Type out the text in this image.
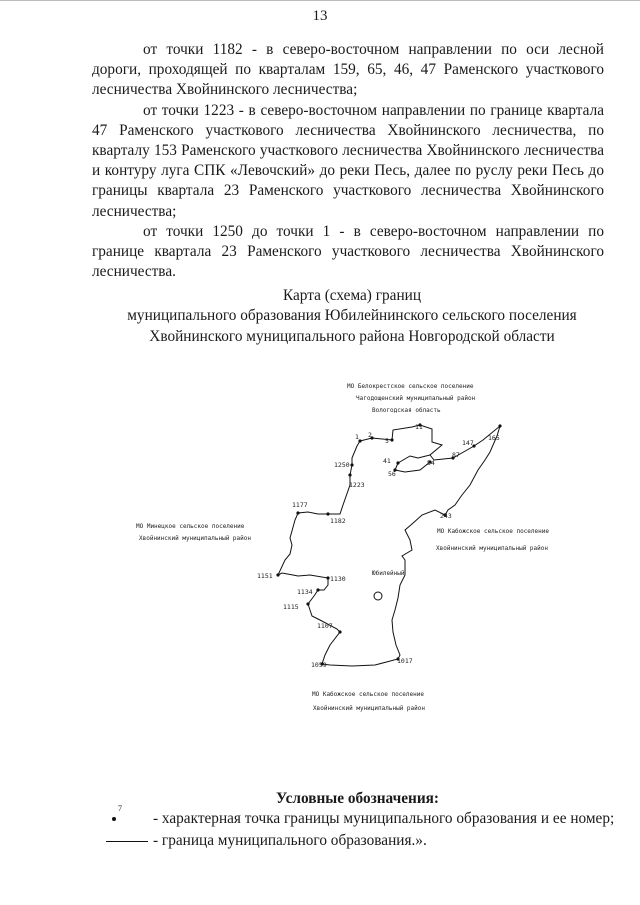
13

от точки 1182 - в северо-восточном направлении по оси лесной дороги, проходящей по кварталам 159, 65, 46, 47 Раменского участкового лесничества Хвойнинского лесничества;

от точки 1223 - в северо-восточном направлении по границе квартала 47 Раменского участкового лесничества Хвойнинского лесничества, по кварталу 153 Раменского участкового лесничества Хвойнинского лесничества и контуру луга СПК «Левочский» до реки Песь, далее по руслу реки Песь до границы квартала 23 Раменского участкового лесничества Хвойнинского лесничества;

от точки 1250 до точки 1 - в северо-восточном направлении по границе квартала 23 Раменского участкового лесничества Хвойнинского лесничества.

Карта (схема) границ
муниципального образования Юбилейнинского сельского поселения
Хвойнинского муниципального района Новгородской области
1 2
5
11
41	54
56
87
147
165
243
1250
1223
1177
1182
1151	1130
1134
1115
1107
1059	1017
МО Белокрестское сельское поселение
Чагодощенский муниципальный район
Вологодская область
МО Минецкое сельское поселение
Хвойнинский муниципальный район
МО Кабожское сельское поселение
Хвойнинский муниципальный район
МО Кабожское сельское поселение
Хвойнинский муниципальный район
Юбилейный
Условные обозначения:
7
- характерная точка границы муниципального образования и ее номер;
- граница муниципального образования.».
